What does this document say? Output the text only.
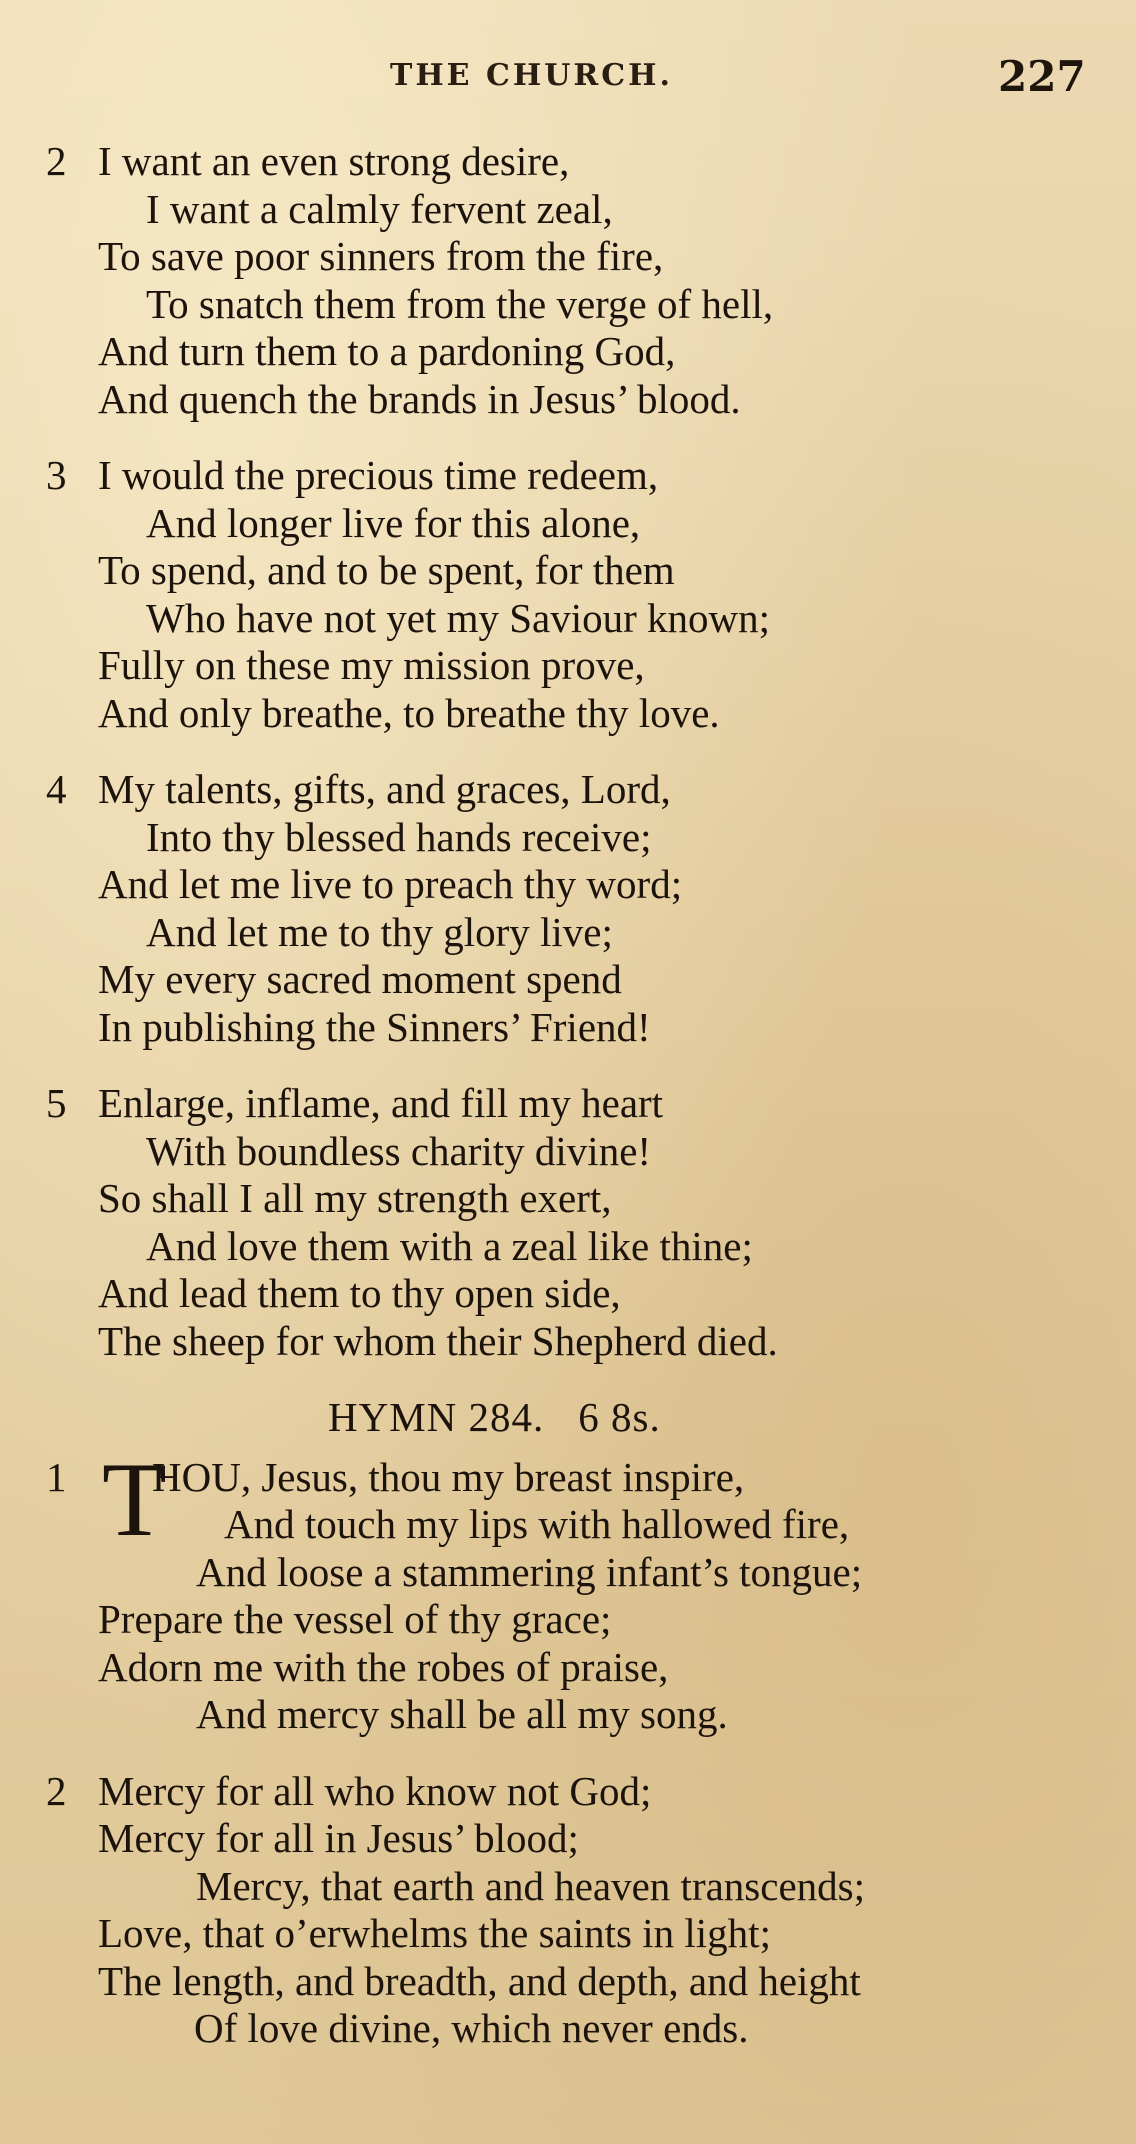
THE CHURCH.	227
2 I want an even strong desire,
I want a calmly fervent zeal,
To save poor sinners from the fire,
To snatch them from the verge of hell,
And turn them to a pardoning God,
And quench the brands in Jesus’ blood.
3 I would the precious time redeem,
And longer live for this alone,
To spend, and to be spent, for them
Who have not yet my Saviour known;
Fully on these my mission prove,
And only breathe, to breathe thy love.
4 My talents, gifts, and graces, Lord,
Into thy blessed hands receive;
And let me live to preach thy word;
And let me to thy glory live;
My every sacred moment spend
In publishing the Sinners’ Friend!
5 Enlarge, inflame, and fill my heart
With boundless charity divine!
So shall I all my strength exert,
And love them with a zeal like thine;
And lead them to thy open side,
The sheep for whom their Shepherd died.
HYMN 284. 6 8s.
1 T
HOU, Jesus, thou my breast inspire,
And touch my lips with hallowed fire,
And loose a stammering infant’s tongue;
Prepare the vessel of thy grace;
Adorn me with the robes of praise,
And mercy shall be all my song.
2 Mercy for all who know not God;
Mercy for all in Jesus’ blood;
Mercy, that earth and heaven transcends;
Love, that o’erwhelms the saints in light;
The length, and breadth, and depth, and height
Of love divine, which never ends.
